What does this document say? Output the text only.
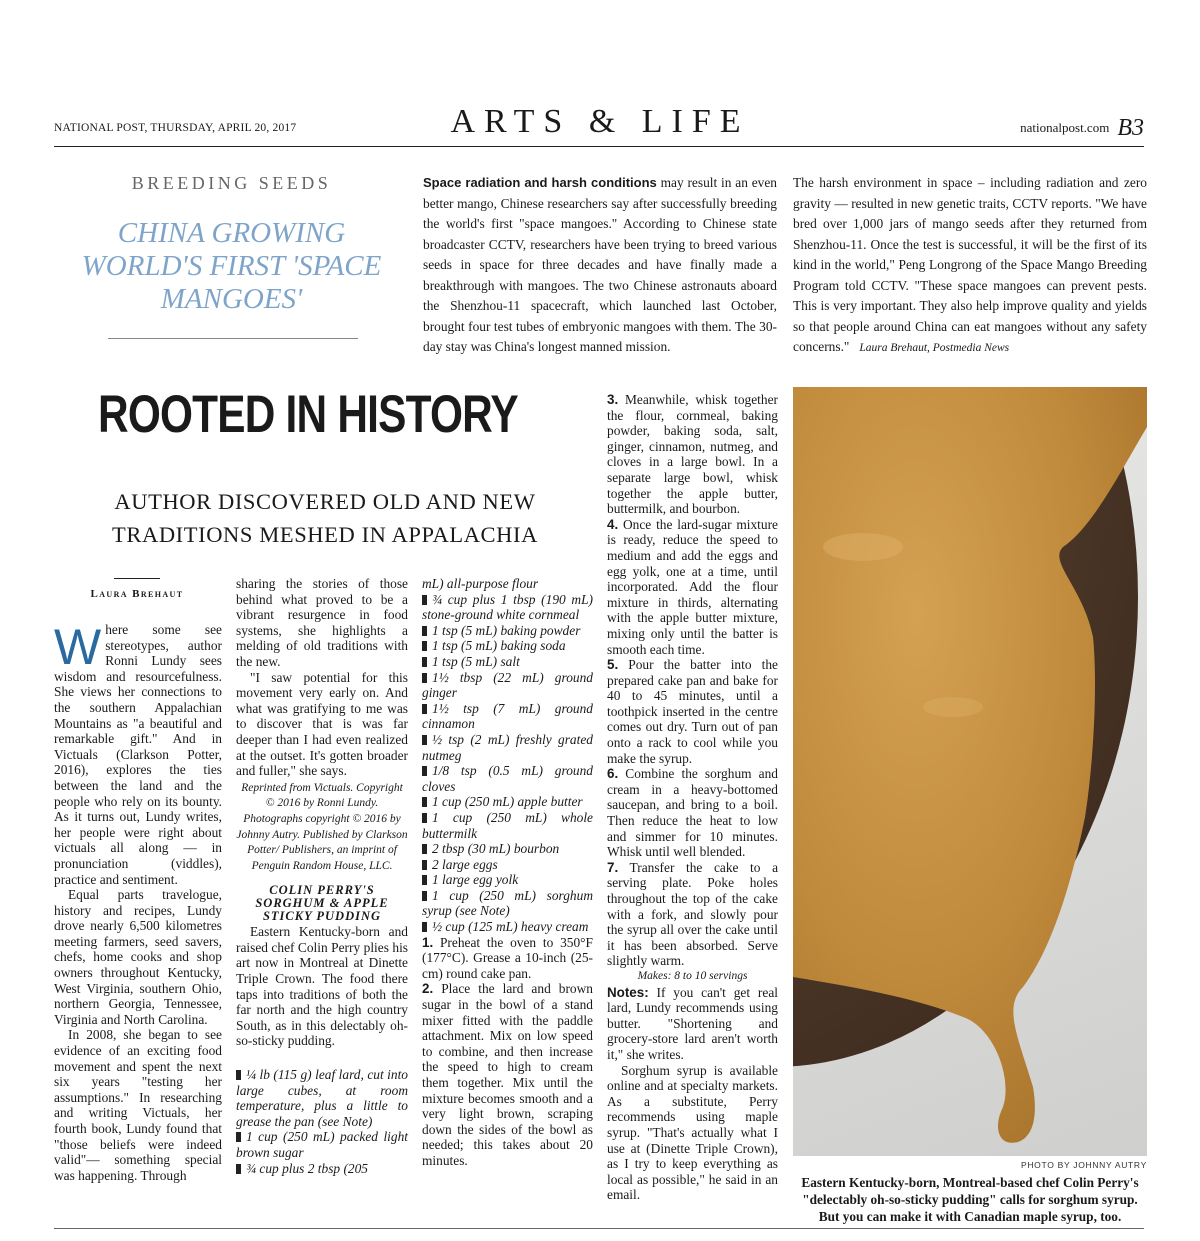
NATIONAL POST, THURSDAY, APRIL 20, 2017	ARTS & LIFE	nationalpost.com B3
BREEDING SEEDS
CHINA GROWING WORLD'S FIRST 'SPACE MANGOES'
Space radiation and harsh conditions may result in an even better mango, Chinese researchers say after successfully breeding the world's first "space mangoes." According to Chinese state broadcaster CCTV, researchers have been trying to breed various seeds in space for three decades and have finally made a breakthrough with mangoes. The two Chinese astronauts aboard the Shenzhou-11 spacecraft, which launched last October, brought four test tubes of embryonic mangoes with them. The 30-day stay was China's longest manned mission.
The harsh environment in space – including radiation and zero gravity — resulted in new genetic traits, CCTV reports. "We have bred over 1,000 jars of mango seeds after they returned from Shenzhou-11. Once the test is successful, it will be the first of its kind in the world," Peng Longrong of the Space Mango Breeding Program told CCTV. "These space mangoes can prevent pests. This is very important. They also help improve quality and yields so that people around China can eat mangoes without any safety concerns." Laura Brehaut, Postmedia News
ROOTED IN HISTORY
AUTHOR DISCOVERED OLD AND NEW TRADITIONS MESHED IN APPALACHIA
Laura Brehaut

Where some see stereotypes, author Ronni Lundy sees wisdom and resourcefulness. She views her connections to the southern Appalachian Mountains as "a beautiful and remarkable gift." And in Victuals (Clarkson Potter, 2016), explores the ties between the land and the people who rely on its bounty. As it turns out, Lundy writes, her people were right about victuals all along — in pronunciation (viddles), practice and sentiment.

Equal parts travelogue, history and recipes, Lundy drove nearly 6,500 kilometres meeting farmers, seed savers, chefs, home cooks and shop owners throughout Kentucky, West Virginia, southern Ohio, northern Georgia, Tennessee, Virginia and North Carolina.

In 2008, she began to see evidence of an exciting food movement and spent the next six years "testing her assumptions." In researching and writing Victuals, her fourth book, Lundy found that "those beliefs were indeed valid"— something special was happening. Through

sharing the stories of those behind what proved to be a vibrant resurgence in food systems, she highlights a melding of old traditions with the new.

"I saw potential for this movement very early on. And what was gratifying to me was to discover that is was far deeper than I had even realized at the outset. It's gotten broader and fuller," she says.

Reprinted from Victuals. Copyright © 2016 by Ronni Lundy. Photographs copyright © 2016 by Johnny Autry. Published by Clarkson Potter/ Publishers, an imprint of Penguin Random House, LLC.
COLIN PERRY'S SORGHUM & APPLE STICKY PUDDING

Eastern Kentucky-born and raised chef Colin Perry plies his art now in Montreal at Dinette Triple Crown. The food there taps into traditions of both the far north and the high country South, as in this delectably oh-so-sticky pudding.

¼ lb (115 g) leaf lard, cut into large cubes, at room temperature, plus a little to grease the pan (see Note)
1 cup (250 mL) packed light brown sugar
¾ cup plus 2 tbsp (205
mL) all-purpose flour
¾ cup plus 1 tbsp (190 mL) stone-ground white cornmeal
1 tsp (5 mL) baking powder
1 tsp (5 mL) baking soda
1 tsp (5 mL) salt
1½ tbsp (22 mL) ground ginger
1½ tsp (7 mL) ground cinnamon
½ tsp (2 mL) freshly grated nutmeg
1/8 tsp (0.5 mL) ground cloves
1 cup (250 mL) apple butter
1 cup (250 mL) whole buttermilk
2 tbsp (30 mL) bourbon
2 large eggs
1 large egg yolk
1 cup (250 mL) sorghum syrup (see Note)
½ cup (125 mL) heavy cream

1. Preheat the oven to 350°F (177°C). Grease a 10-inch (25-cm) round cake pan.

2. Place the lard and brown sugar in the bowl of a stand mixer fitted with the paddle attachment. Mix on low speed to combine, and then increase the speed to high to cream them together. Mix until the mixture becomes smooth and a very light brown, scraping down the sides of the bowl as needed; this takes about 20 minutes.

3. Meanwhile, whisk together the flour, cornmeal, baking powder, baking soda, salt, ginger, cinnamon, nutmeg, and cloves in a large bowl. In a separate large bowl, whisk together the apple butter, buttermilk, and bourbon.

4. Once the lard-sugar mixture is ready, reduce the speed to medium and add the eggs and egg yolk, one at a time, until incorporated. Add the flour mixture in thirds, alternating with the apple butter mixture, mixing only until the batter is smooth each time.

5. Pour the batter into the prepared cake pan and bake for 40 to 45 minutes, until a toothpick inserted in the centre comes out dry. Turn out of pan onto a rack to cool while you make the syrup.

6. Combine the sorghum and cream in a heavy-bottomed saucepan, and bring to a boil. Then reduce the heat to low and simmer for 10 minutes. Whisk until well blended.

7. Transfer the cake to a serving plate. Poke holes throughout the top of the cake with a fork, and slowly pour the syrup all over the cake until it has been absorbed. Serve slightly warm.

Makes: 8 to 10 servings

Notes: If you can't get real lard, Lundy recommends using butter. "Shortening and grocery-store lard aren't worth it," she writes.

Sorghum syrup is available online and at specialty markets. As a substitute, Perry recommends using maple syrup. "That's actually what I use at (Dinette Triple Crown), as I try to keep everything as local as possible," he said in an email.

PHOTO BY JOHNNY AUTRY
Eastern Kentucky-born, Montreal-based chef Colin Perry's "delectably oh-so-sticky pudding" calls for sorghum syrup. But you can make it with Canadian maple syrup, too.
